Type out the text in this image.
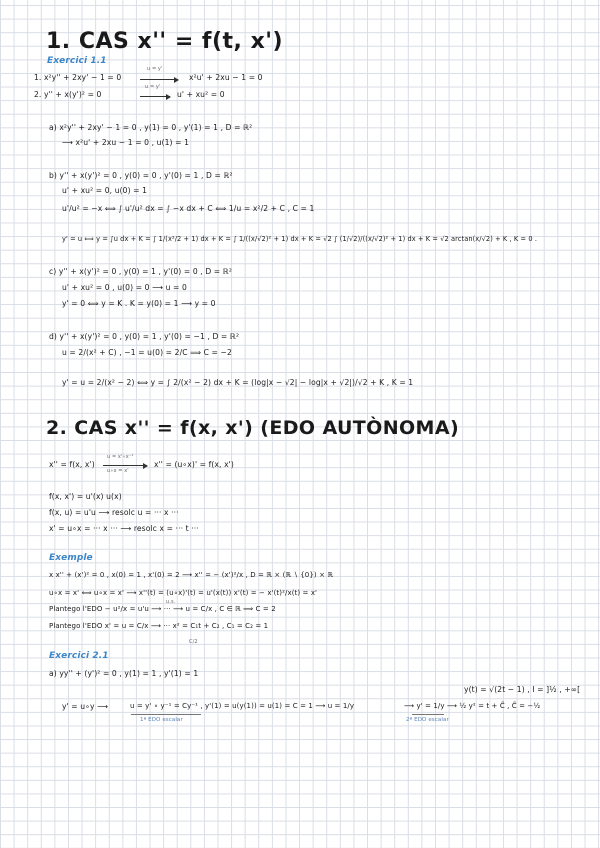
1. CAS x'' = f(t, x')
Exercici 1.1
1. x²y'' + 2xy' − 1 = 0
u = y'
x²u' + 2xu − 1 = 0
2. y'' + x(y')² = 0
u = y'
u' + xu² = 0
a) x²y'' + 2xy' − 1 = 0 , y(1) = 0 , y'(1) = 1 , D = ℝ²
⟶ x²u' + 2xu − 1 = 0 , u(1) = 1
b) y'' + x(y')² = 0 , y(0) = 0 , y'(0) = 1 , D = ℝ²
u' + xu² = 0, u(0) = 1
u'/u² = −x ⟺ ∫ u'/u² dx = ∫ −x dx + C ⟺ 1/u = x²/2 + C , C = 1
y' = u ⟺ y = ∫u dx + K = ∫ 1/(x²/2 + 1) dx + K = ∫ 1/((x/√2)² + 1) dx + K = √2 ∫ (1/√2)/((x/√2)² + 1) dx + K = √2 arctan(x/√2) + K , K = 0 .
c) y'' + x(y')² = 0 , y(0) = 1 , y'(0) = 0 , D = ℝ²
u' + xu² = 0 , u(0) = 0 ⟶ u = 0
y' = 0 ⟺ y = K . K = y(0) = 1 ⟶ y = 0
d) y'' + x(y')² = 0 , y(0) = 1 , y'(0) = −1 , D = ℝ²
u = 2/(x² + C) , −1 = u(0) = 2/C ⟹ C = −2
y' = u = 2/(x² − 2) ⟺ y = ∫ 2/(x² − 2) dx + K = (log|x − √2| − log|x + √2|)/√2 + K , K = 1
2. CAS x'' = f(x, x') (EDO AUTÒNOMA)
x'' = f(x, x')
u = x'∘x⁻¹
u∘x = x'
x'' = (u∘x)' = f(x, x')
f(x, x') = u'(x) u(x)
f(x, u) = u'u ⟶ resolc u = ··· x ···
x' = u∘x = ··· x ··· ⟶ resolc x = ··· t ···
Exemple
x x'' + (x')² = 0 , x(0) = 1 , x'(0) = 2 ⟶ x'' = − (x')²/x , D = ℝ × (ℝ ∖ {0}) × ℝ
u∘x = x' ⟺ u∘x = x' ⟶ x''(t) = (u∘x)'(t) = u'(x(t)) x'(t) = − x'(t)²/x(t) = x'
Plantego l'EDO − u²/x = u'u ⟶ ··· ⟶ u = C/x , C ∈ ℝ ⟹ C = 2
u.s.
Plantego l'EDO x' = u = C/x ⟶ ··· x² = C₁t + C₂ , C₁ = C₂ = 1
C/2
Exercici 2.1
a) yy'' + (y')² = 0 , y(1) = 1 , y'(1) = 1
y(t) = √(2t − 1) , I = ]½ , +∞[
y' = u∘y ⟶	u = y' ∘ y⁻¹ = Cy⁻¹ , y'(1) = u(y(1)) = u(1) = C = 1 ⟶ u = 1/y
1ª EDO escalar
⟶ y' = 1/y ⟶ ½ y² = t + C̃ , C̃ = −½
2ª EDO escalar
